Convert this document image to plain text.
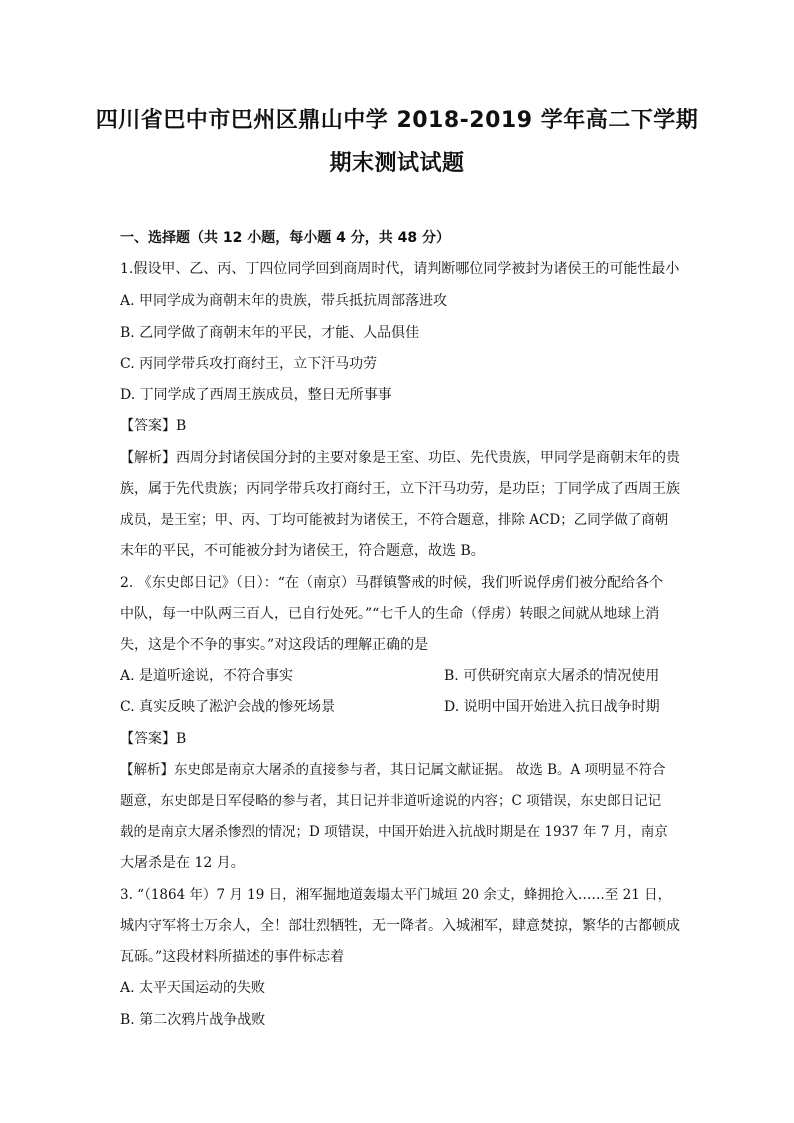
四川省巴中市巴州区鼎山中学 2018-2019 学年高二下学期
期末测试试题
一、选择题（共 12 小题，每小题 4 分，共 48 分）
1.假设甲、乙、丙、丁四位同学回到商周时代，请判断哪位同学被封为诸侯王的可能性最小
A. 甲同学成为商朝末年的贵族，带兵抵抗周部落进攻
B. 乙同学做了商朝末年的平民，才能、人品俱佳
C. 丙同学带兵攻打商纣王，立下汗马功劳
D. 丁同学成了西周王族成员，整日无所事事
【答案】B
【解析】西周分封诸侯国分封的主要对象是王室、功臣、先代贵族，甲同学是商朝末年的贵
族，属于先代贵族；丙同学带兵攻打商纣王，立下汗马功劳，是功臣；丁同学成了西周王族
成员，是王室；甲、丙、丁均可能被封为诸侯王，不符合题意，排除 ACD；乙同学做了商朝
末年的平民，不可能被分封为诸侯王，符合题意，故选 B。
2. 《东史郎日记》（日）：“在（南京）马群镇警戒的时候，我们听说俘虏们被分配给各个
中队，每一中队两三百人，已自行处死。”“七千人的生命（俘虏）转眼之间就从地球上消
失，这是个不争的事实。”对这段话的理解正确的是
A. 是道听途说，不符合事实	B. 可供研究南京大屠杀的情况使用
C. 真实反映了淞沪会战的惨死场景	D. 说明中国开始进入抗日战争时期
【答案】B
【解析】东史郎是南京大屠杀的直接参与者，其日记属文献证据。 故选 B。A 项明显不符合
题意，东史郎是日军侵略的参与者，其日记并非道听途说的内容；C 项错误，东史郎日记记
载的是南京大屠杀惨烈的情况；D 项错误，中国开始进入抗战时期是在 1937 年 7 月，南京
大屠杀是在 12 月。
3. “（1864 年）7 月 19 日，湘军掘地道轰塌太平门城垣 20 余丈，蜂拥抢入……至 21 日，
城内守军将士万余人，全！部壮烈牺牲，无一降者。入城湘军，肆意焚掠，繁华的古都顿成
瓦砾。”这段材料所描述的事件标志着
A. 太平天国运动的失败
B. 第二次鸦片战争战败
